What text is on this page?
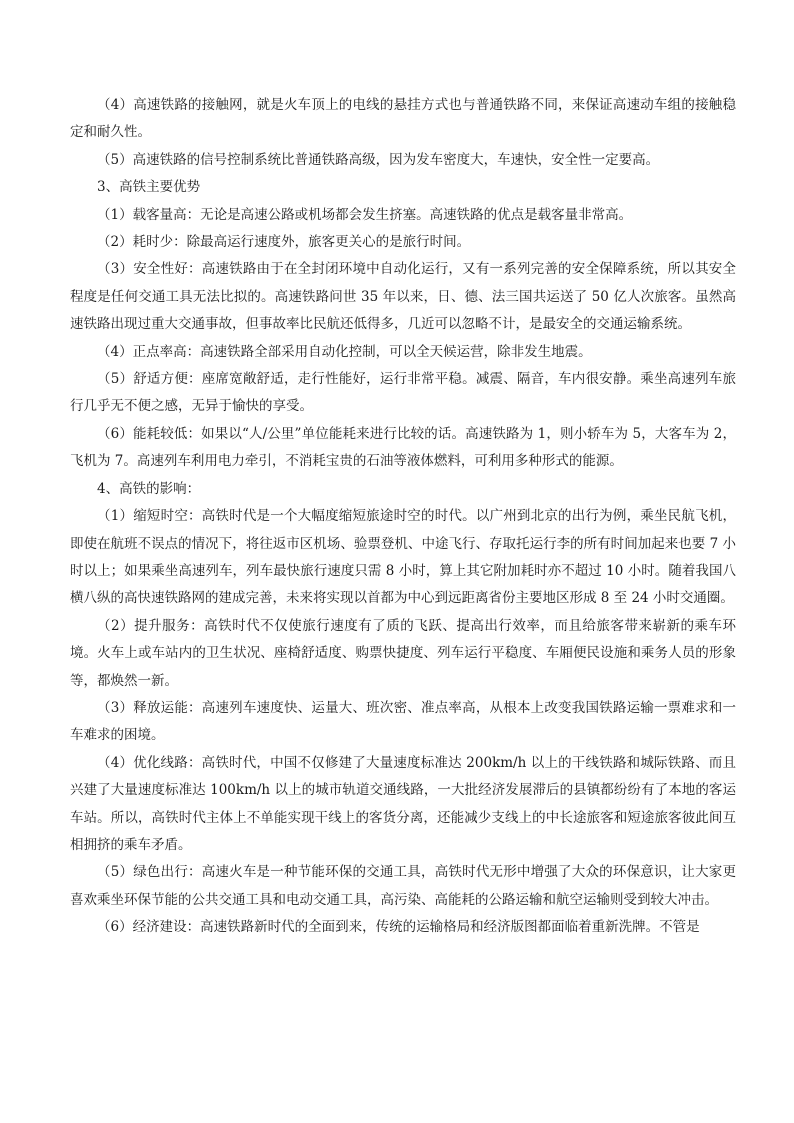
（4）高速铁路的接触网，就是火车顶上的电线的悬挂方式也与普通铁路不同，来保证高速动车组的接触稳定和耐久性。

（5）高速铁路的信号控制系统比普通铁路高级，因为发车密度大，车速快，安全性一定要高。

3、高铁主要优势

（1）载客量高：无论是高速公路或机场都会发生挤塞。高速铁路的优点是载客量非常高。

（2）耗时少：除最高运行速度外，旅客更关心的是旅行时间。

（3）安全性好：高速铁路由于在全封闭环境中自动化运行，又有一系列完善的安全保障系统，所以其安全程度是任何交通工具无法比拟的。高速铁路问世 35 年以来，日、德、法三国共运送了 50 亿人次旅客。虽然高速铁路出现过重大交通事故，但事故率比民航还低得多，几近可以忽略不计，是最安全的交通运输系统。

（4）正点率高：高速铁路全部采用自动化控制，可以全天候运营，除非发生地震。

（5）舒适方便：座席宽敞舒适，走行性能好，运行非常平稳。减震、隔音，车内很安静。乘坐高速列车旅行几乎无不便之感，无异于愉快的享受。

（6）能耗较低：如果以“人/公里”单位能耗来进行比较的话。高速铁路为 1，则小轿车为 5，大客车为 2，飞机为 7。高速列车利用电力牵引，不消耗宝贵的石油等液体燃料，可利用多种形式的能源。

4、高铁的影响：

（1）缩短时空：高铁时代是一个大幅度缩短旅途时空的时代。以广州到北京的出行为例，乘坐民航飞机，即使在航班不误点的情况下，将往返市区机场、验票登机、中途飞行、存取托运行李的所有时间加起来也要 7 小时以上；如果乘坐高速列车，列车最快旅行速度只需 8 小时，算上其它附加耗时亦不超过 10 小时。随着我国八横八纵的高快速铁路网的建成完善，未来将实现以首都为中心到远距离省份主要地区形成 8 至 24 小时交通圈。

（2）提升服务：高铁时代不仅使旅行速度有了质的飞跃、提高出行效率，而且给旅客带来崭新的乘车环境。火车上或车站内的卫生状况、座椅舒适度、购票快捷度、列车运行平稳度、车厢便民设施和乘务人员的形象等，都焕然一新。

（3）释放运能：高速列车速度快、运量大、班次密、准点率高，从根本上改变我国铁路运输一票难求和一车难求的困境。

（4）优化线路：高铁时代，中国不仅修建了大量速度标准达 200km/h 以上的干线铁路和城际铁路、而且兴建了大量速度标准达 100km/h 以上的城市轨道交通线路，一大批经济发展滞后的县镇都纷纷有了本地的客运车站。所以，高铁时代主体上不单能实现干线上的客货分离，还能减少支线上的中长途旅客和短途旅客彼此间互相拥挤的乘车矛盾。

（5）绿色出行：高速火车是一种节能环保的交通工具，高铁时代无形中增强了大众的环保意识，让大家更喜欢乘坐环保节能的公共交通工具和电动交通工具，高污染、高能耗的公路运输和航空运输则受到较大冲击。

（6）经济建设：高速铁路新时代的全面到来，传统的运输格局和经济版图都面临着重新洗牌。不管是
